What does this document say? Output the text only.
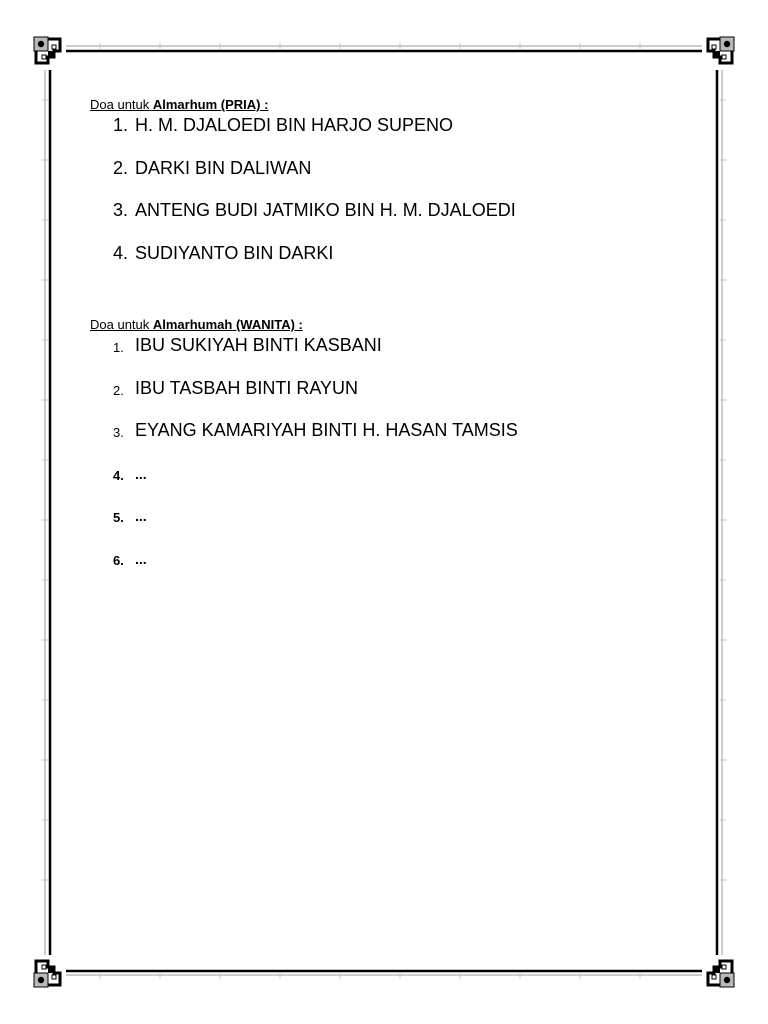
Doa untuk Almarhum (PRIA) :

1. H. M. DJALOEDI BIN HARJO SUPENO
2. DARKI BIN DALIWAN
3. ANTENG BUDI JATMIKO BIN H. M. DJALOEDI
4. SUDIYANTO BIN DARKI

Doa untuk Almarhumah (WANITA) :

1. IBU SUKIYAH BINTI KASBANI
2. IBU TASBAH BINTI RAYUN
3. EYANG KAMARIYAH BINTI H. HASAN TAMSIS
4. ...
5. ...
6. ...
